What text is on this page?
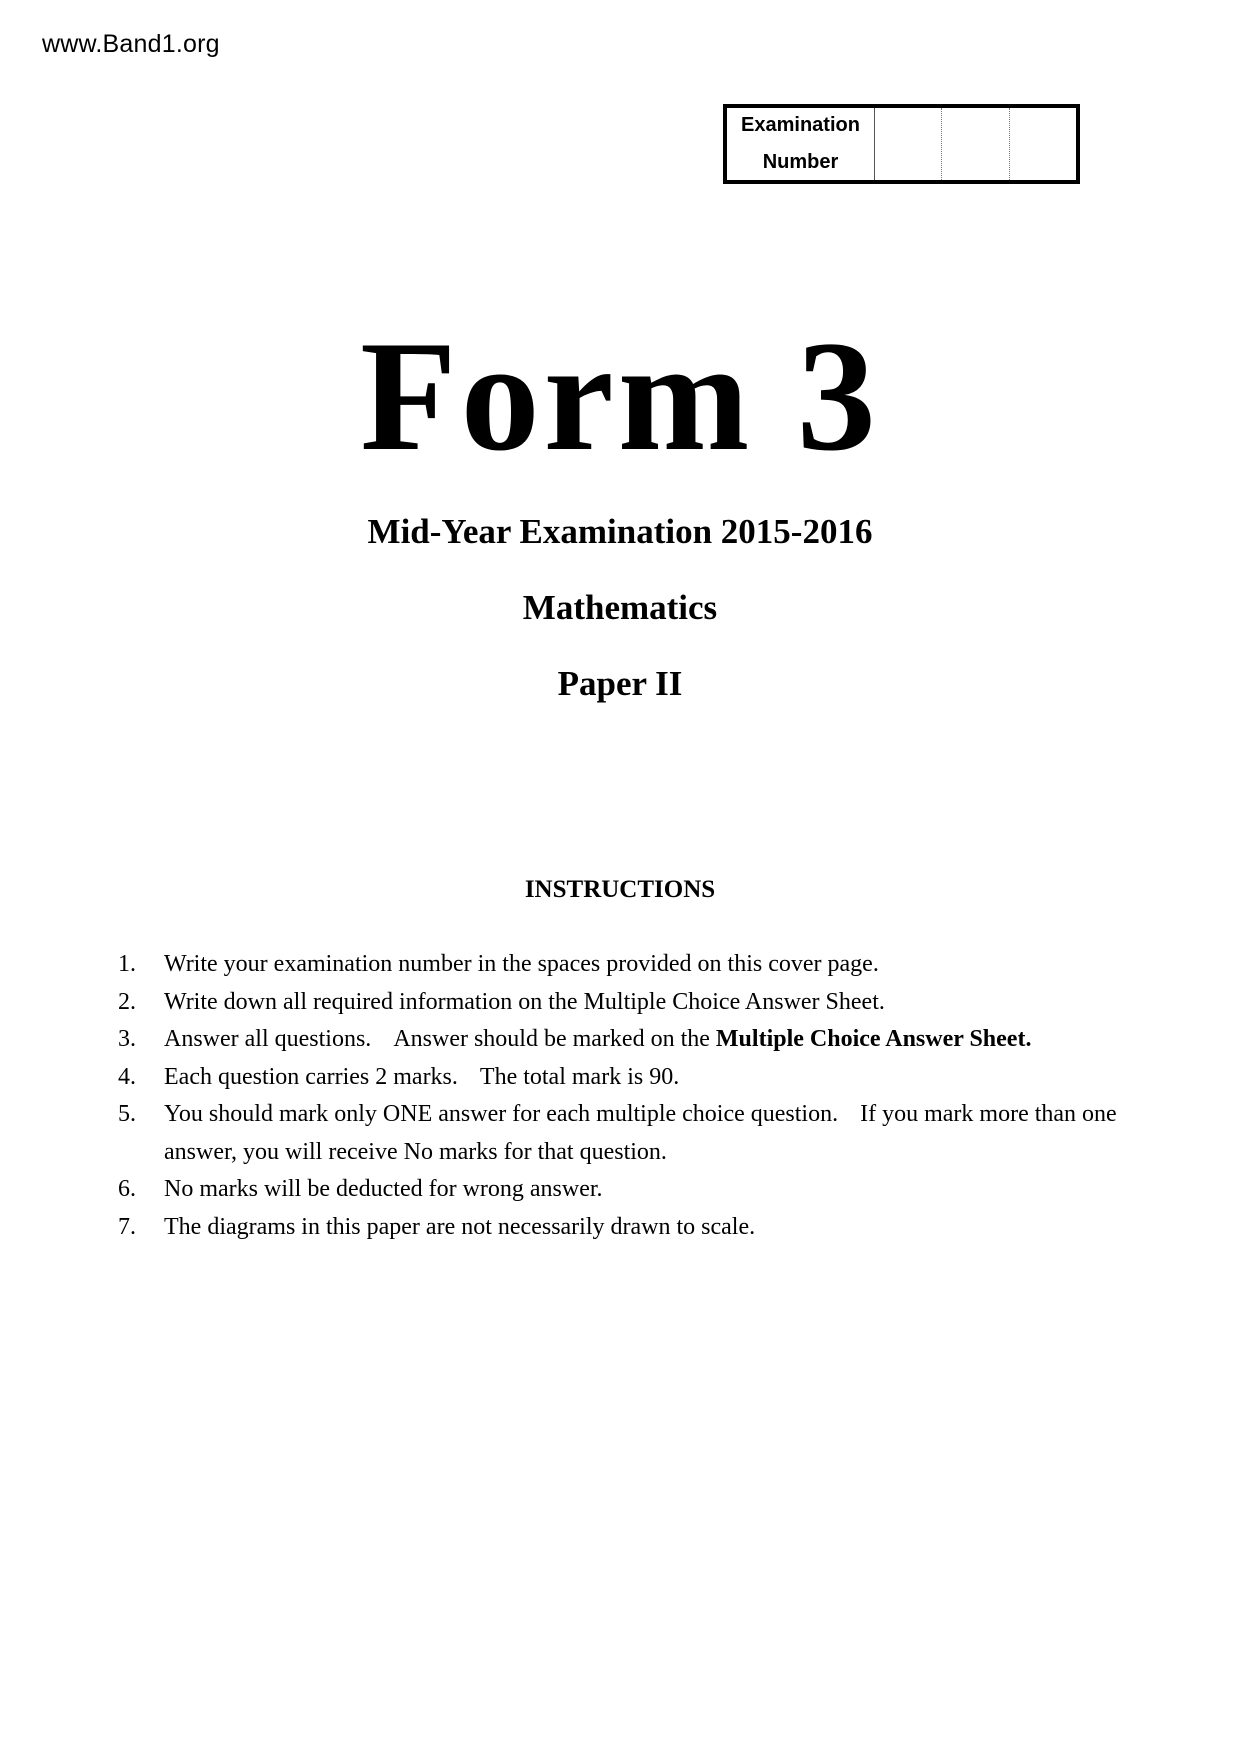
www.Band1.org
Examination
Number
Form 3
Mid-Year Examination 2015-2016
Mathematics
Paper II
INSTRUCTIONS
1.	Write your examination number in the spaces provided on this cover page.
2.	Write down all required information on the Multiple Choice Answer Sheet.
3.	Answer all questions. Answer should be marked on the Multiple Choice Answer Sheet.
4.	Each question carries 2 marks. The total mark is 90.
5.	You should mark only ONE answer for each multiple choice question. If you mark more than one answer, you will receive No marks for that question.
6.	No marks will be deducted for wrong answer.
7.	The diagrams in this paper are not necessarily drawn to scale.
